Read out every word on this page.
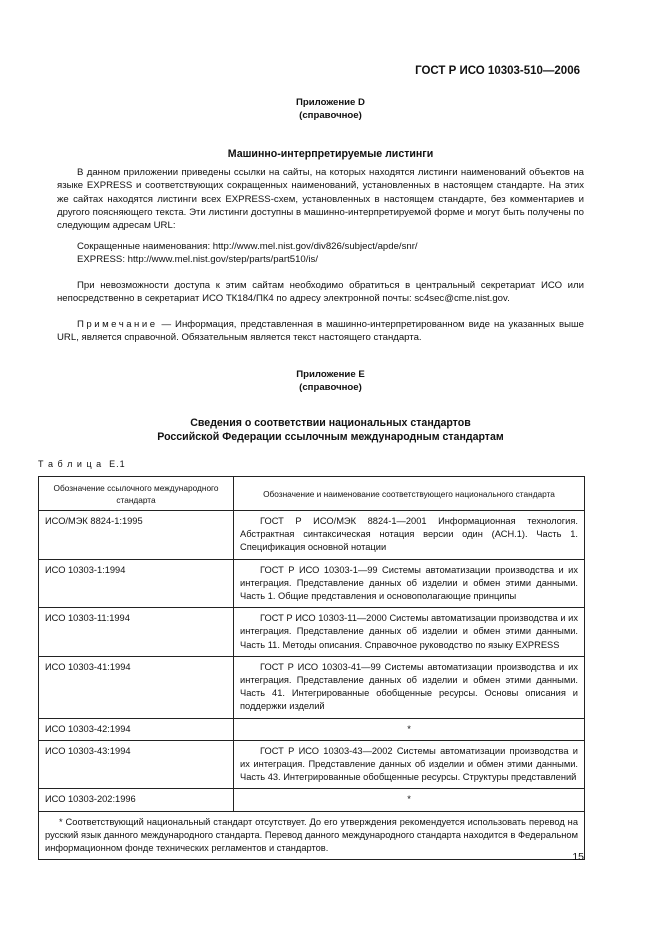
ГОСТ Р ИСО 10303-510—2006
Приложение D
(справочное)
Машинно-интерпретируемые листинги
В данном приложении приведены ссылки на сайты, на которых находятся листинги наименований объектов на языке EXPRESS и соответствующих сокращенных наименований, установленных в настоящем стандарте. На этих же сайтах находятся листинги всех EXPRESS-схем, установленных в настоящем стандарте, без комментариев и другого поясняющего текста. Эти листинги доступны в машинно-интерпретируемой форме и могут быть получены по следующим адресам URL:
Сокращенные наименования: http://www.mel.nist.gov/div826/subject/apde/snr/
EXPRESS: http://www.mel.nist.gov/step/parts/part510/is/
При невозможности доступа к этим сайтам необходимо обратиться в центральный секретариат ИСО или непосредственно в секретариат ИСО ТК184/ПК4 по адресу электронной почты: sc4sec@cme.nist.gov.
Примечание — Информация, представленная в машинно-интерпретированном виде на указанных выше URL, является справочной. Обязательным является текст настоящего стандарта.
Приложение Е
(справочное)
Сведения о соответствии национальных стандартов
Российской Федерации ссылочным международным стандартам
Т а б л и ц а  Е.1
Обозначение ссылочного международного стандарта	Обозначение и наименование соответствующего национального стандарта
ИСО/МЭК 8824-1:1995	ГОСТ Р ИСО/МЭК 8824-1—2001 Информационная технология. Абстрактная синтаксическая нотация версии один (АСН.1). Часть 1. Спецификация основной нотации
ИСО 10303-1:1994	ГОСТ Р ИСО 10303-1—99 Системы автоматизации производства и их интеграция. Представление данных об изделии и обмен этими данными. Часть 1. Общие представления и основополагающие принципы
ИСО 10303-11:1994	ГОСТ Р ИСО 10303-11—2000 Системы автоматизации производства и их интеграция. Представление данных об изделии и обмен этими данными. Часть 11. Методы описания. Справочное руководство по языку EXPRESS
ИСО 10303-41:1994	ГОСТ Р ИСО 10303-41—99 Системы автоматизации производства и их интеграция. Представление данных об изделии и обмен этими данными. Часть 41. Интегрированные обобщенные ресурсы. Основы описания и поддержки изделий
ИСО 10303-42:1994	*
ИСО 10303-43:1994	ГОСТ Р ИСО 10303-43—2002 Системы автоматизации производства и их интеграция. Представление данных об изделии и обмен этими данными. Часть 43. Интегрированные обобщенные ресурсы. Структуры представлений
ИСО 10303-202:1996	*
* Соответствующий национальный стандарт отсутствует. До его утверждения рекомендуется использовать перевод на русский язык данного международного стандарта. Перевод данного международного стандарта находится в Федеральном информационном фонде технических регламентов и стандартов.	
15
